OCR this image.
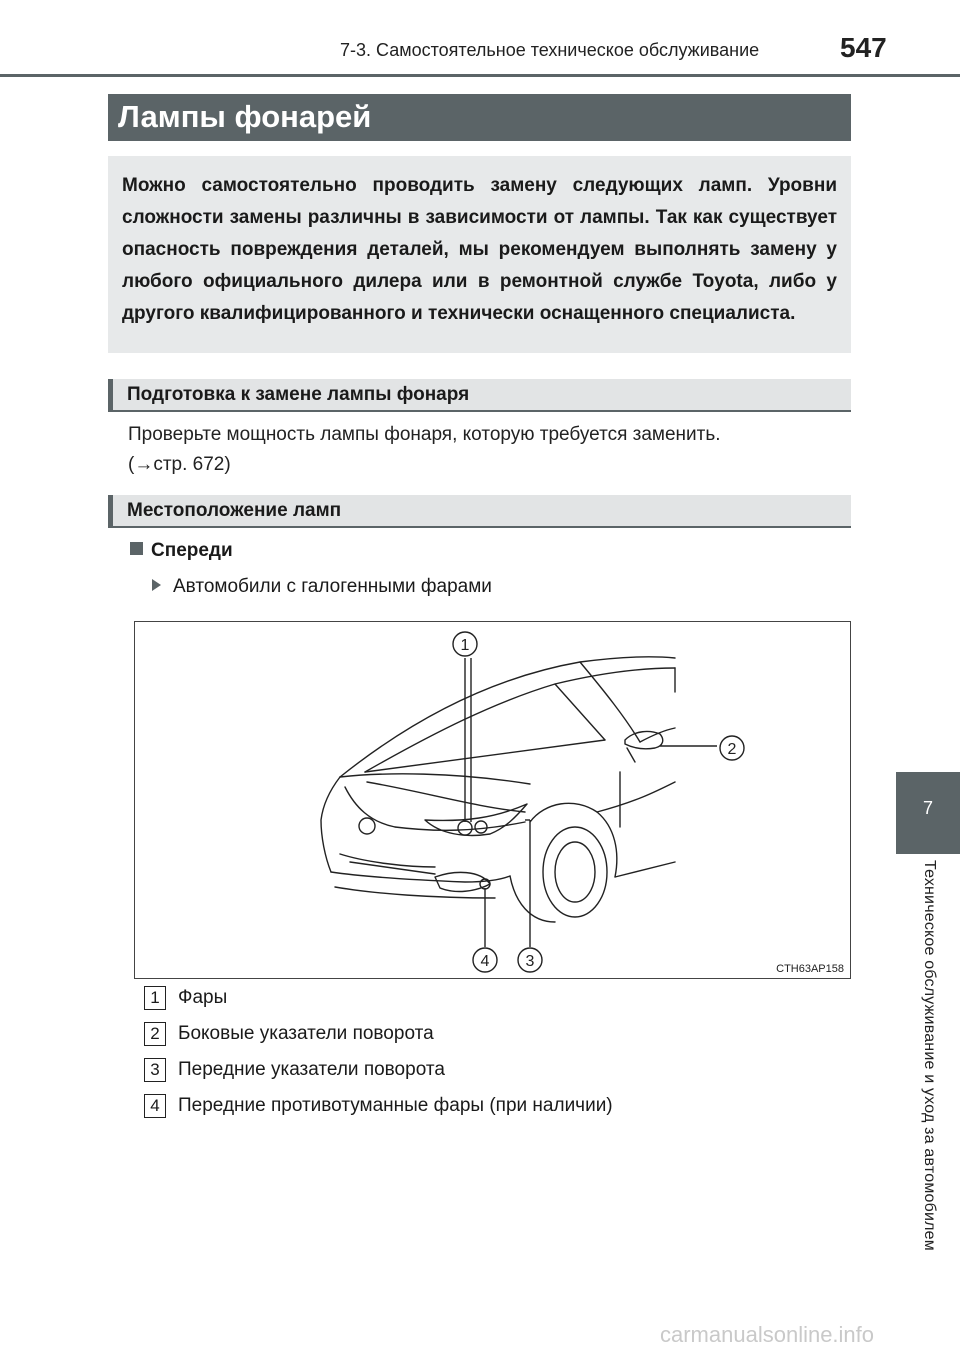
7-3. Самостоятельное техническое обслуживание	547
Лампы фонарей
Можно самостоятельно проводить замену следующих ламп. Уровни сложности замены различны в зависимости от лампы. Так как существует опасность повреждения деталей, мы рекомендуем выполнять замену у любого официального дилера или в ремонтной службе Toyota, либо у другого квалифицированного и технически оснащенного специалиста.
Подготовка к замене лампы фонаря
Проверьте мощность лампы фонаря, которую требуется заменить.
(→стр. 672)
Местоположение ламп
Спереди
Автомобили с галогенными фарами
1
2
3
4	CTH63AP158
1 Фары
2 Боковые указатели поворота
3 Передние указатели поворота
4 Передние противотуманные фары (при наличии)
7
Техническое обслуживание и уход за автомобилем
carmanualsonline.info
